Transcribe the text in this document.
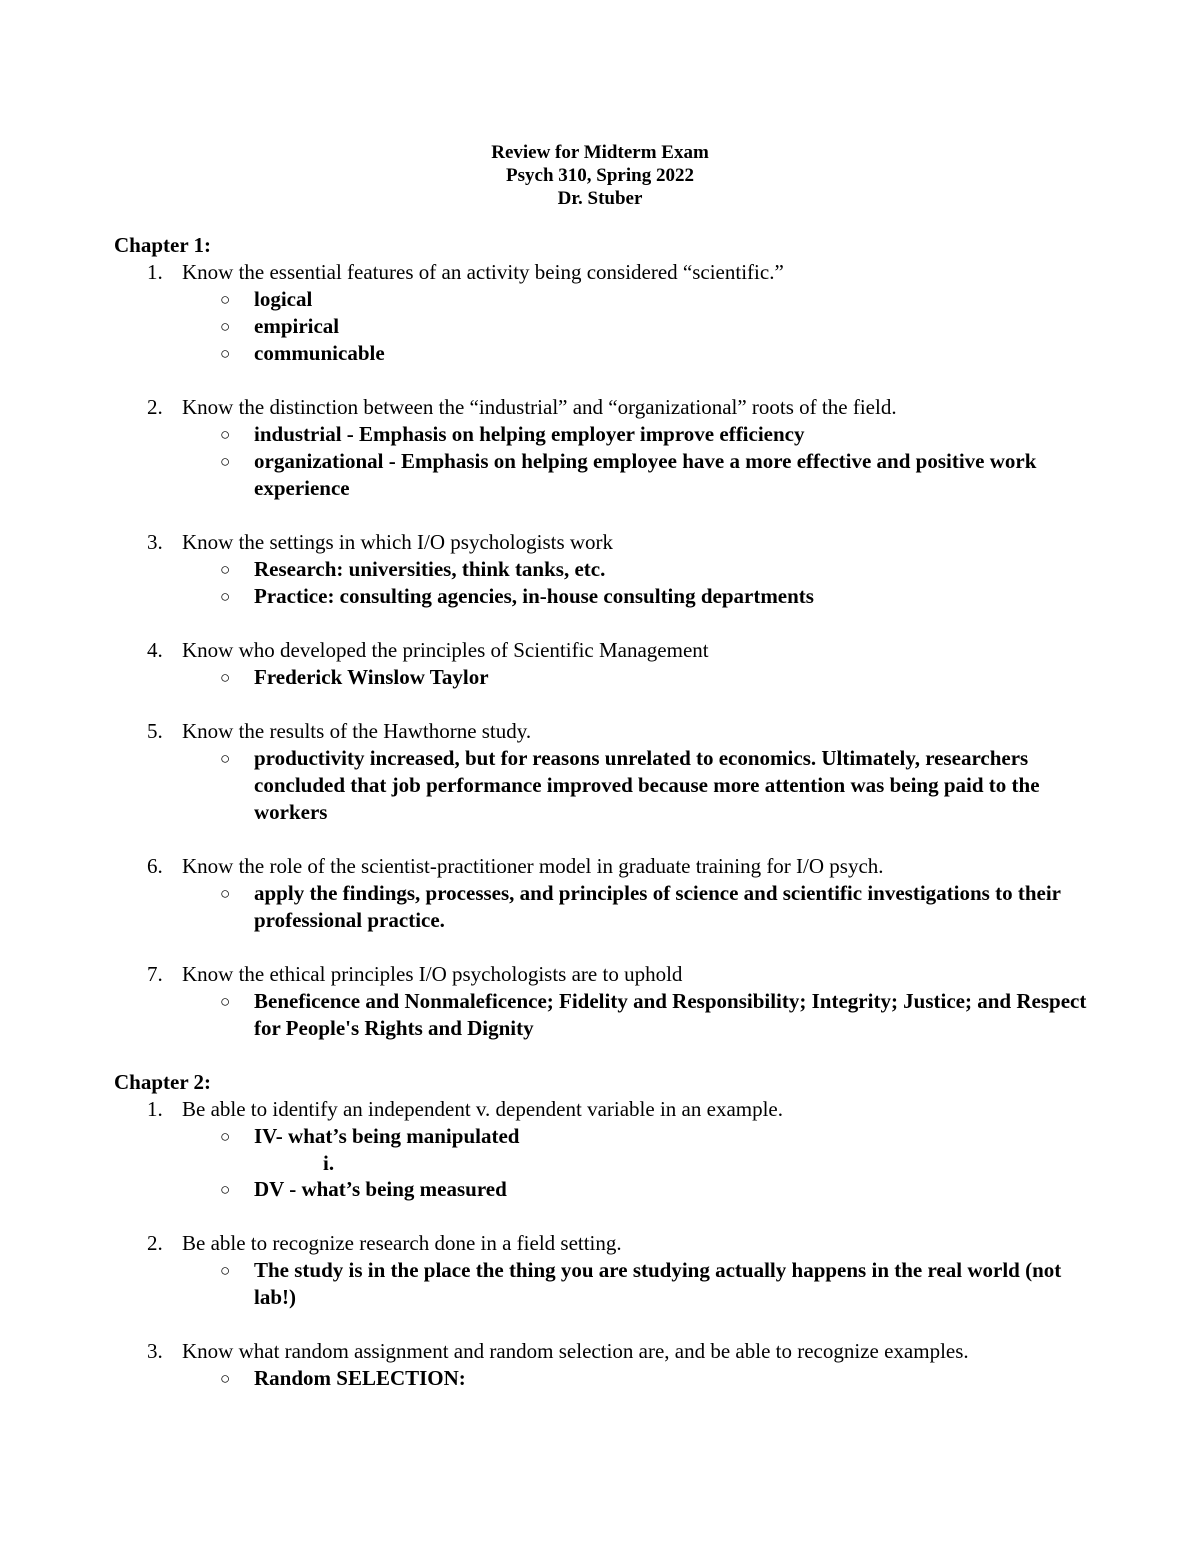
Review for Midterm Exam
Psych 310, Spring 2022
Dr. Stuber
Chapter 1:
1. Know the essential features of an activity being considered “scientific.”
○	logical
○	empirical
○	communicable
2. Know the distinction between the “industrial” and “organizational” roots of the field.
○	industrial - Emphasis on helping employer improve efficiency
○	organizational - Emphasis on helping employee have a more effective and positive work experience
3. Know the settings in which I/O psychologists work
○	Research: universities, think tanks, etc.
○	Practice: consulting agencies, in-house consulting departments
4. Know who developed the principles of Scientific Management
○	Frederick Winslow Taylor
5. Know the results of the Hawthorne study.
○	productivity increased, but for reasons unrelated to economics. Ultimately, researchers concluded that job performance improved because more attention was being paid to the workers
6. Know the role of the scientist-practitioner model in graduate training for I/O psych.
○	apply the findings, processes, and principles of science and scientific investigations to their professional practice.
7. Know the ethical principles I/O psychologists are to uphold
○	Beneficence and Nonmaleficence; Fidelity and Responsibility; Integrity; Justice; and Respect for People's Rights and Dignity
Chapter 2:
1. Be able to identify an independent v. dependent variable in an example.
○	IV- what’s being manipulated
i.
○	DV - what’s being measured
2. Be able to recognize research done in a field setting.
○	The study is in the place the thing you are studying actually happens in the real world (not lab!)
3. Know what random assignment and random selection are, and be able to recognize examples.
○	Random SELECTION:
